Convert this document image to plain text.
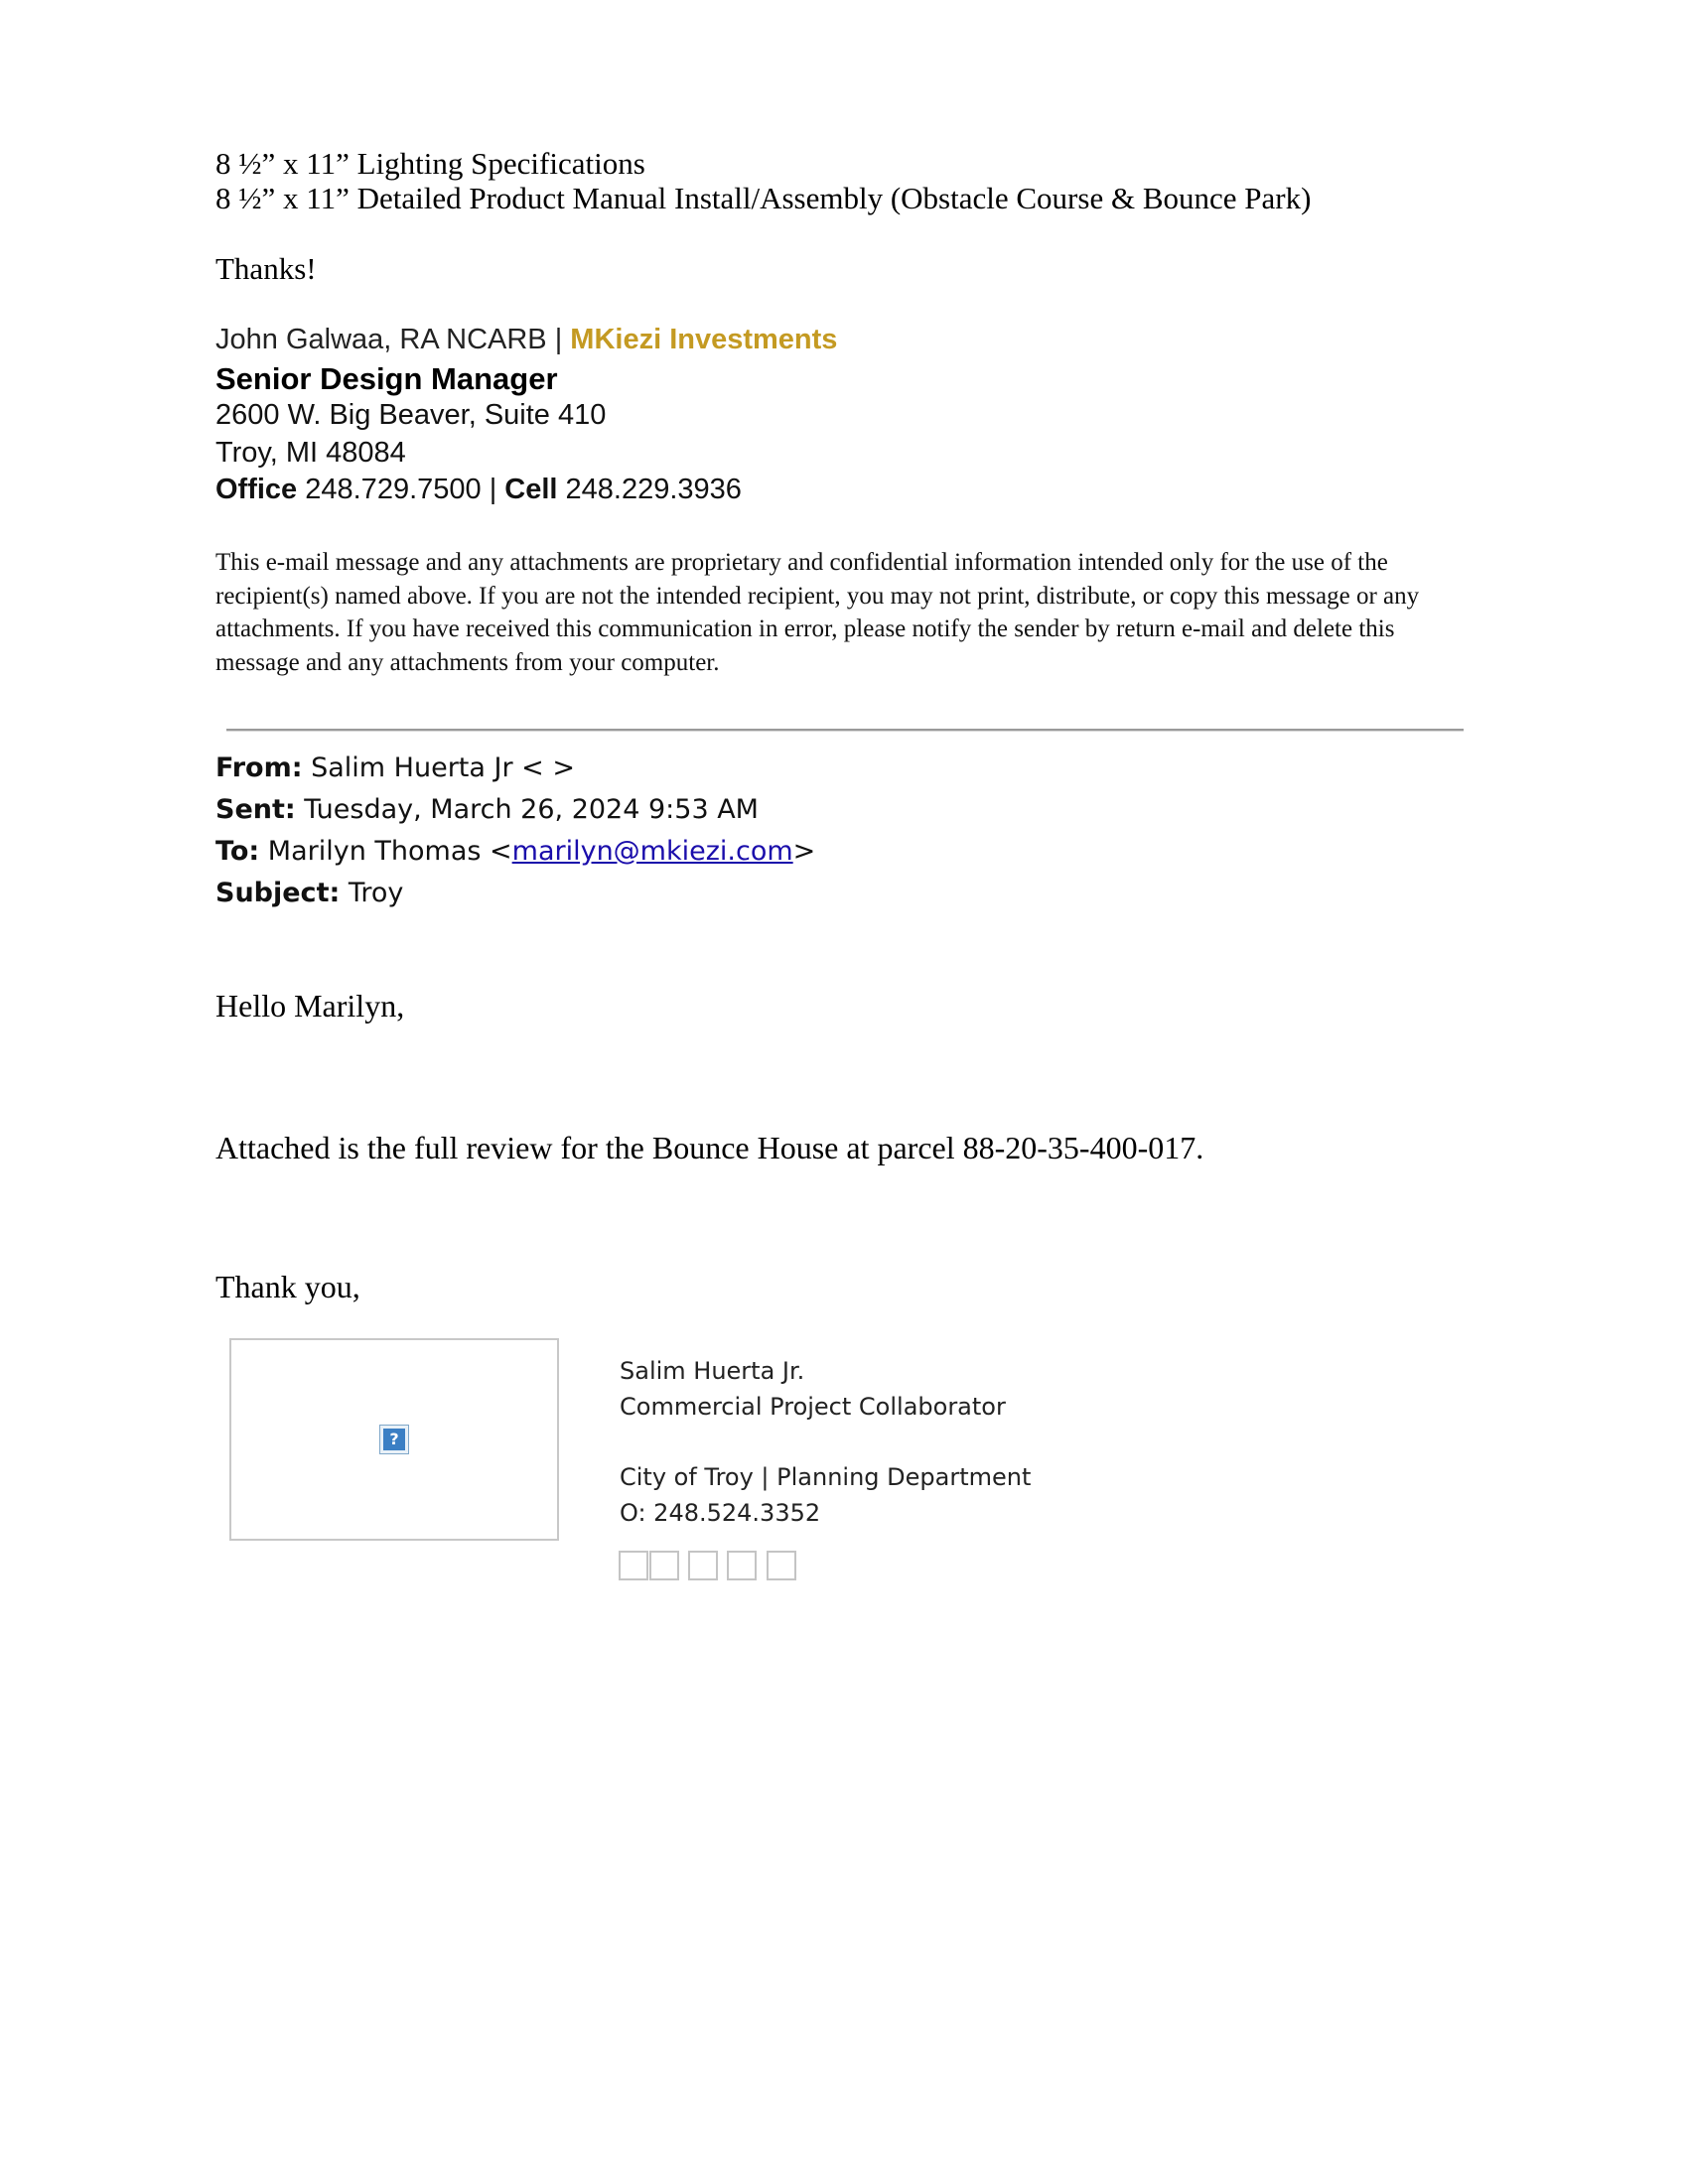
8 ½” x 11” Lighting Specifications
8 ½” x 11” Detailed Product Manual Install/Assembly (Obstacle Course & Bounce Park)
Thanks!
John Galwaa, RA NCARB | MKiezi Investments
Senior Design Manager
2600 W. Big Beaver, Suite 410
Troy, MI 48084
Office 248.729.7500 | Cell 248.229.3936
This e-mail message and any attachments are proprietary and confidential information intended only for the use of the recipient(s) named above. If you are not the intended recipient, you may not print, distribute, or copy this message or any attachments. If you have received this communication in error, please notify the sender by return e-mail and delete this message and any attachments from your computer.
From: Salim Huerta Jr < >
Sent: Tuesday, March 26, 2024 9:53 AM
To: Marilyn Thomas <marilyn@mkiezi.com>
Subject: Troy
Hello Marilyn,
Attached is the full review for the Bounce House at parcel 88-20-35-400-017.
Thank you,
?
Salim Huerta Jr.
Commercial Project Collaborator
City of Troy | Planning Department
O: 248.524.3352
